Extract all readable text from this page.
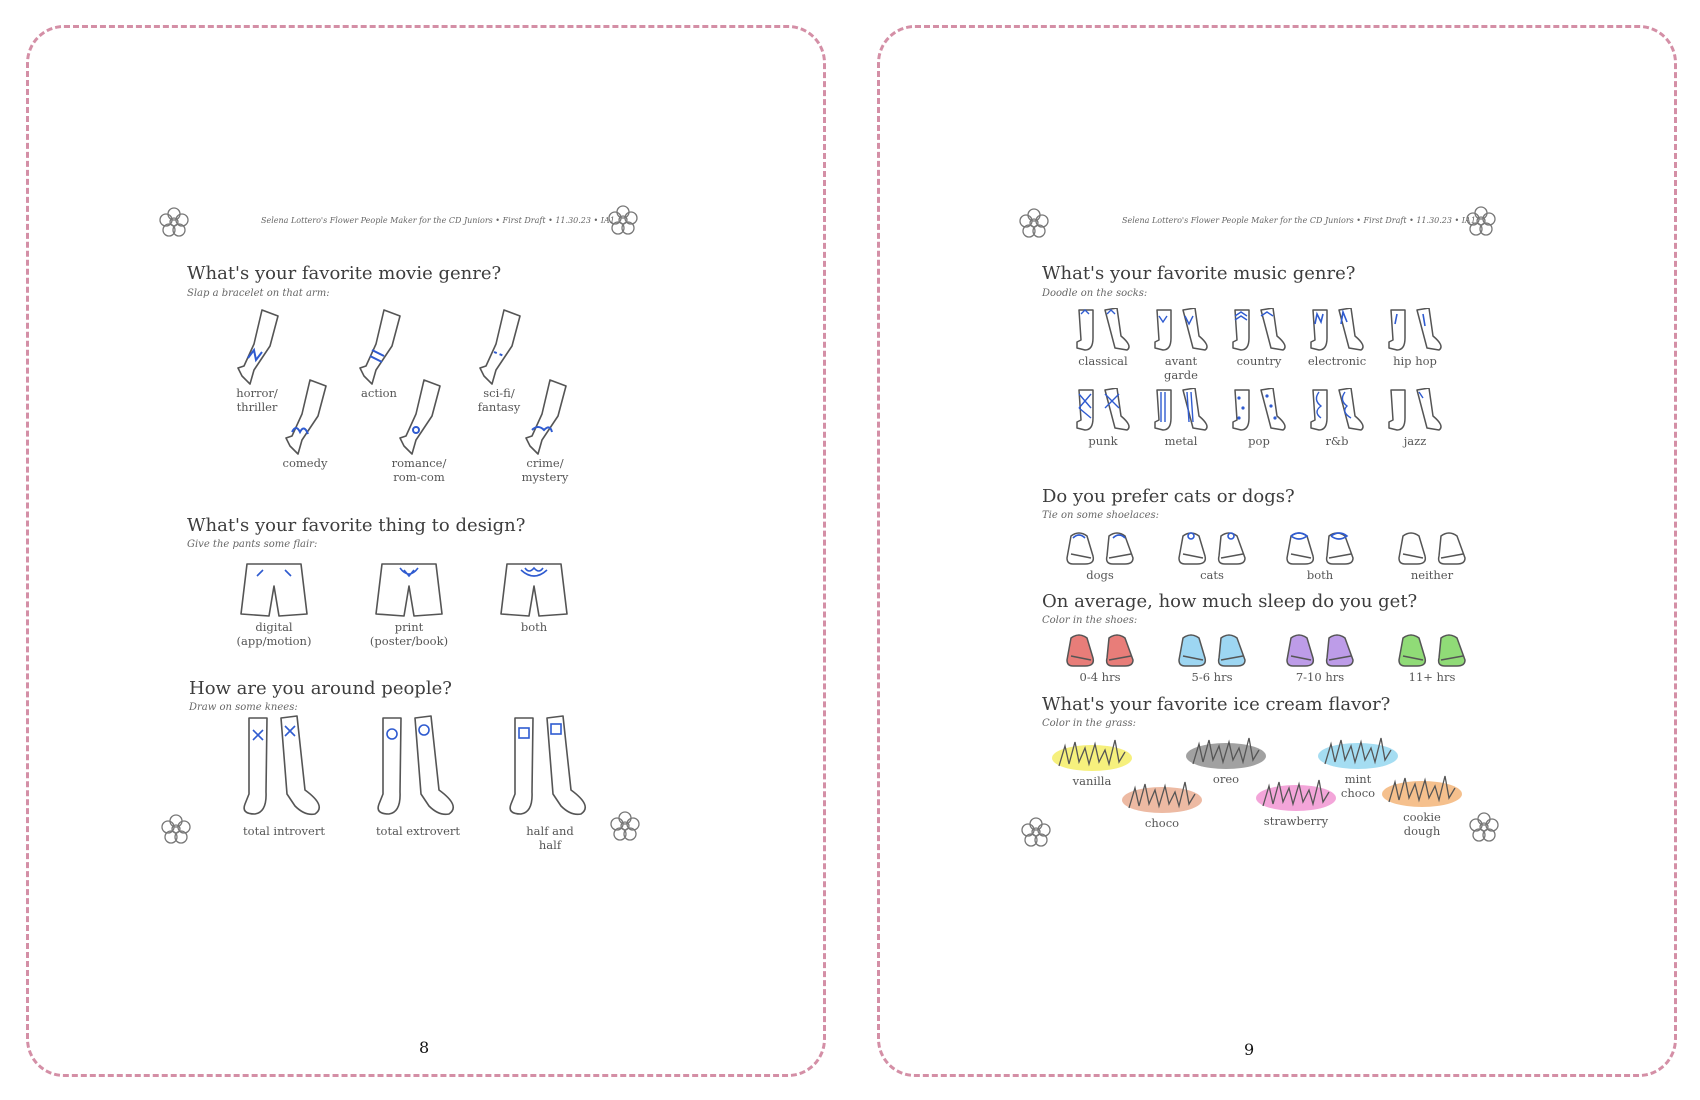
Selena Lottero's Flower People Maker for the CD Juniors • First Draft • 11.30.23 • IA1
What's your favorite movie genre?
Slap a bracelet on that arm:
horror/
thriller
comedy
action
romance/
rom-com
sci-fi/
fantasy
crime/
mystery
What's your favorite thing to design?
Give the pants some flair:
digital
(app/motion)
print
(poster/book)
both
How are you around people?
Draw on some knees:
total introvert	total extrovert	half and
half
8
Selena Lottero's Flower People Maker for the CD Juniors • First Draft • 11.30.23 • IA1
What's your favorite music genre?
Doodle on the socks:
classical	avant
garde
country	electronic	hip hop
punk	metal	pop	r&b	jazz
Do you prefer cats or dogs?
Tie on some shoelaces:
dogs	cats	both	neither
On average, how much sleep do you get?
Color in the shoes:
0-4 hrs	5-6 hrs	7-10 hrs	11+ hrs
What's your favorite ice cream flavor?
Color in the grass:
vanilla
choco
oreo
strawberry
mint
choco
cookie
dough
9
